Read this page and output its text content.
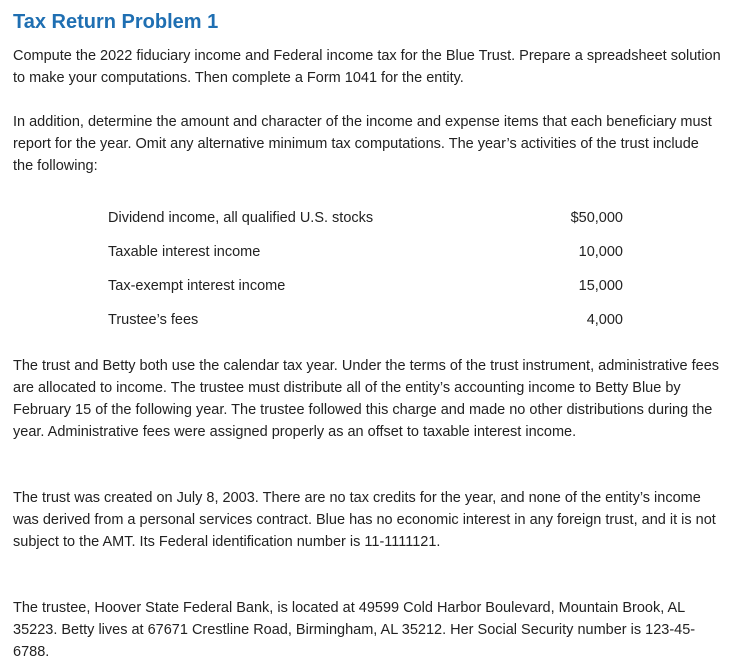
Tax Return Problem 1

Compute the 2022 fiduciary income and Federal income tax for the Blue Trust. Prepare a spreadsheet solution to make your computations. Then complete a Form 1041 for the entity.

In addition, determine the amount and character of the income and expense items that each beneficiary must report for the year. Omit any alternative minimum tax computations. The year’s activities of the trust include the following:

Dividend income, all qualified U.S. stocks	$50,000
Taxable interest income	10,000
Tax-exempt interest income	15,000
Trustee’s fees	4,000

The trust and Betty both use the calendar tax year. Under the terms of the trust instrument, administrative fees are allocated to income. The trustee must distribute all of the entity’s accounting income to Betty Blue by February 15 of the following year. The trustee followed this charge and made no other distributions during the year. Administrative fees were assigned properly as an offset to taxable interest income.

The trust was created on July 8, 2003. There are no tax credits for the year, and none of the entity’s income was derived from a personal services contract. Blue has no economic interest in any foreign trust, and it is not subject to the AMT. Its Federal identification number is 11-1111121.

The trustee, Hoover State Federal Bank, is located at 49599 Cold Harbor Boulevard, Mountain Brook, AL 35223. Betty lives at 67671 Crestline Road, Birmingham, AL 35212. Her Social Security number is 123-45-6788.
